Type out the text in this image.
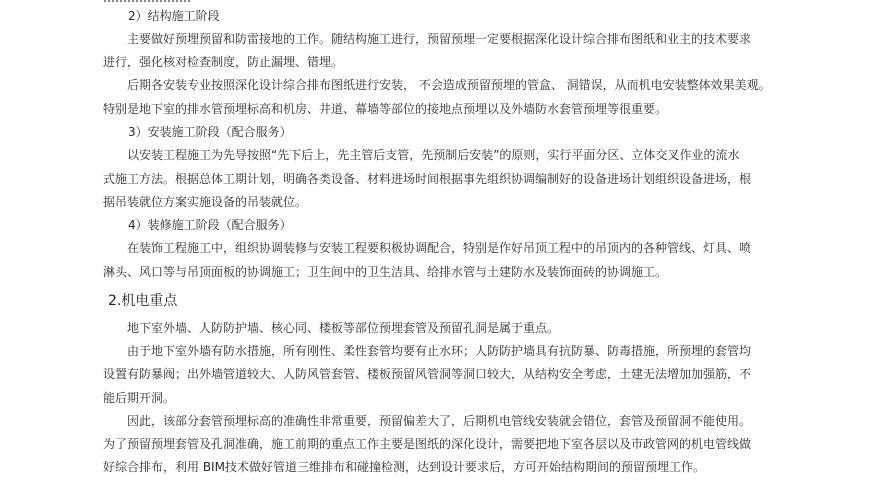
2）结构施工阶段
主要做好预埋预留和防雷接地的工作。随结构施工进行，预留预埋一定要根据深化设计综合排布图纸和业主的技术要求
进行，强化核对检查制度，防止漏埋、错埋。
后期各安装专业按照深化设计综合排布图纸进行安装， 不会造成预留预埋的管盒、 洞错误，从而机电安装整体效果美观。
特别是地下室的排水管预埋标高和机房、井道、幕墙等部位的接地点预埋以及外墙防水套管预埋等很重要。
3）安装施工阶段（配合服务）
以安装工程施工为先导按照“先下后上，先主管后支管，先预制后安装”的原则，实行平面分区、立体交叉作业的流水
式施工方法。根据总体工期计划，明确各类设备、材料进场时间根据事先组织协调编制好的设备进场计划组织设备进场，根
据吊装就位方案实施设备的吊装就位。
4）装修施工阶段（配合服务）
在装饰工程施工中，组织协调装修与安装工程要积极协调配合，特别是作好吊顶工程中的吊顶内的各种管线、灯具、喷
淋头、风口等与吊顶面板的协调施工；卫生间中的卫生洁具、给排水管与土建防水及装饰面砖的协调施工。
2.机电重点
地下室外墙、人防防护墙、核心同、楼板等部位预埋套管及预留孔洞是属于重点。
由于地下室外墙有防水措施，所有刚性、柔性套管均要有止水环；人防防护墙具有抗防暴、防毒措施，所预埋的套管均
设置有防暴阀；出外墙管道较大、人防风管套管、楼板预留风管洞等洞口较大，从结构安全考虑，土建无法增加加强筋，不
能后期开洞。
因此，该部分套管预埋标高的准确性非常重要，预留偏差大了，后期机电管线安装就会错位，套管及预留洞不能使用。
为了预留预埋套管及孔洞准确，施工前期的重点工作主要是图纸的深化设计，需要把地下室各层以及市政管网的机电管线做
好综合排布，利用 BIM技术做好管道三维排布和碰撞检测，达到设计要求后，方可开始结构期间的预留预埋工作。
